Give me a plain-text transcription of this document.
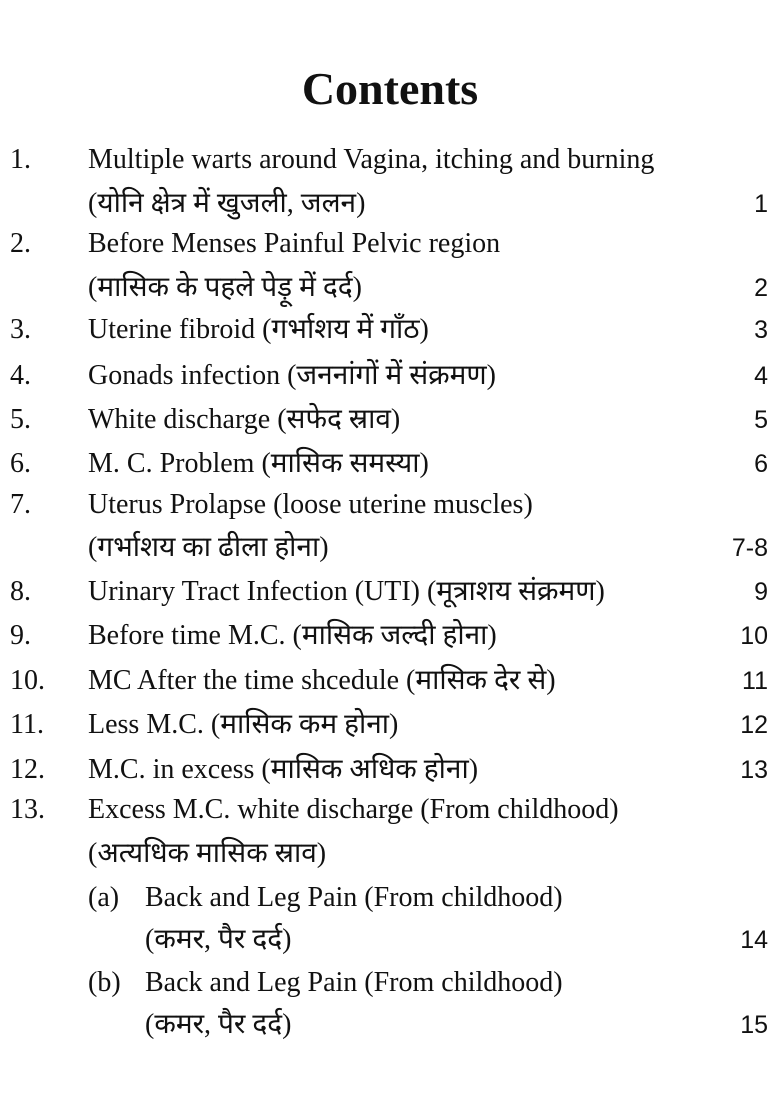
Contents
1. Multiple warts around Vagina, itching and burning
(योनि क्षेत्र में खुजली, जलन)	1
2. Before Menses Painful Pelvic region
(मासिक के पहले पेड़ू में दर्द)	2
3. Uterine fibroid (गर्भाशय में गाँठ)	3
4. Gonads infection (जननांगों में संक्रमण)	4
5. White discharge (सफेद स्राव)	5
6. M. C. Problem (मासिक समस्या)	6
7. Uterus Prolapse (loose uterine muscles)
(गर्भाशय का ढीला होना)	7-8
8. Urinary Tract Infection (UTI) (मूत्राशय संक्रमण)	9
9. Before time M.C. (मासिक जल्दी होना)	10
10. MC After the time shcedule (मासिक देर से)	11
11. Less M.C. (मासिक कम होना)	12
12. M.C. in excess (मासिक अधिक होना)	13
13. Excess M.C. white discharge (From childhood)
(अत्यधिक मासिक स्राव)
(a) Back and Leg Pain (From childhood)
(कमर, पैर दर्द)	14
(b) Back and Leg Pain (From childhood)
(कमर, पैर दर्द)	15
